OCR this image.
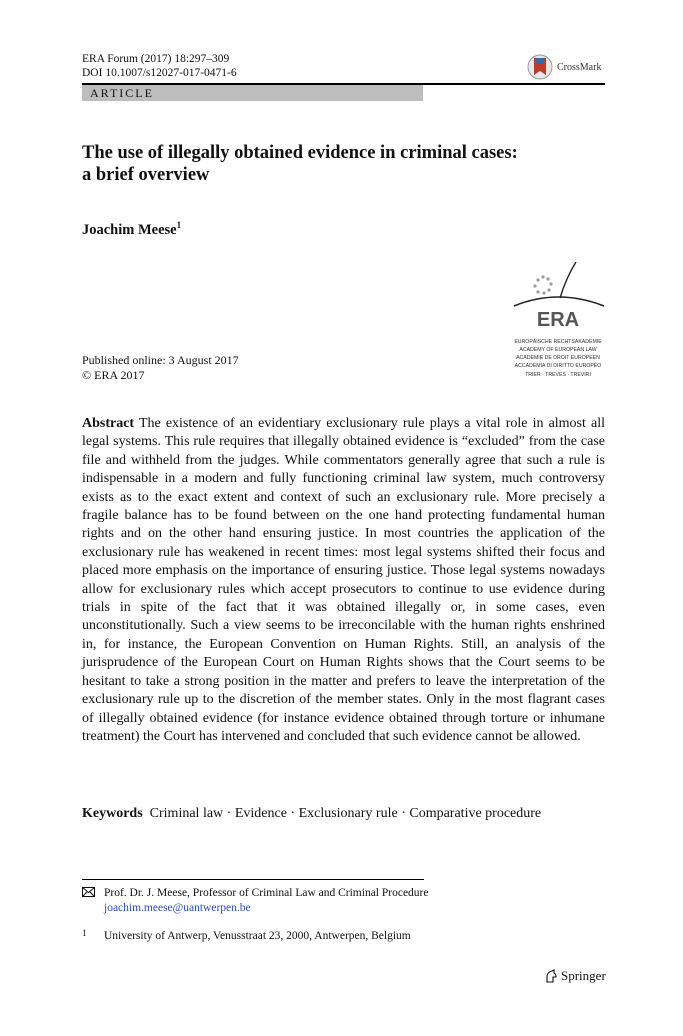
ERA Forum (2017) 18:297–309
DOI 10.1007/s12027-017-0471-6	CrossMark
ARTICLE
The use of illegally obtained evidence in criminal cases:
a brief overview
Joachim Meese$^1$
ERA
EUROPÄISCHE RECHTSAKADEMIE
ACADEMY OF EUROPEAN LAW
ACADEMIE DE DROIT EUROPEEN
ACCADEMIA DI DIRITTO EUROPEO
TRIER · TREVES · TREVIRI
Published online: 3 August 2017
© ERA 2017

Abstract The existence of an evidentiary exclusionary rule plays a vital role in almost all legal systems. This rule requires that illegally obtained evidence is “excluded” from the case file and withheld from the judges. While commentators generally agree that such a rule is indispensable in a modern and fully functioning criminal law system, much controversy exists as to the exact extent and context of such an exclusionary rule. More precisely a fragile balance has to be found between on the one hand protecting fundamental human rights and on the other hand ensuring justice. In most countries the application of the exclusionary rule has weakened in recent times: most legal systems shifted their focus and placed more emphasis on the importance of ensuring justice. Those legal systems nowadays allow for exclusionary rules which accept prosecutors to continue to use evidence during trials in spite of the fact that it was obtained illegally or, in some cases, even unconstitutionally. Such a view seems to be irreconcilable with the human rights enshrined in, for instance, the European Convention on Human Rights. Still, an analysis of the jurisprudence of the European Court on Human Rights shows that the Court seems to be hesitant to take a strong position in the matter and prefers to leave the interpretation of the exclusionary rule up to the discretion of the member states. Only in the most flagrant cases of illegally obtained evidence (for instance evidence obtained through torture or inhumane treatment) the Court has intervened and concluded that such evidence cannot be allowed.

Keywords Criminal law · Evidence · Exclusionary rule · Comparative procedure
Prof. Dr. J. Meese, Professor of Criminal Law and Criminal Procedure
joachim.meese@uantwerpen.be
1	University of Antwerp, Venusstraat 23, 2000, Antwerpen, Belgium
Springer
